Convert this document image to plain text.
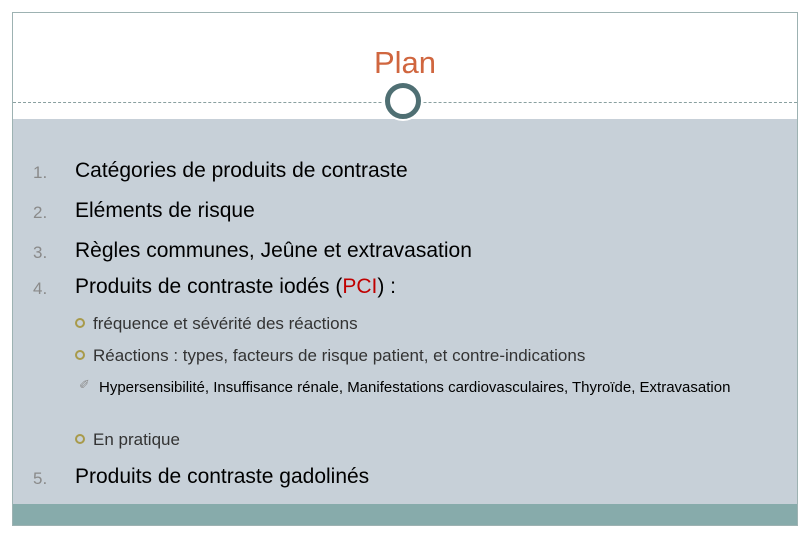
Plan
1. Catégories de produits de contraste
2. Eléments de risque
3. Règles communes, Jeûne et extravasation
4. Produits de contraste iodés (PCI) :
fréquence et sévérité des réactions
Réactions : types, facteurs de risque patient, et contre-indications
✐ Hypersensibilité, Insuffisance rénale, Manifestations cardiovasculaires, Thyroïde, Extravasation
En pratique
5. Produits de contraste gadolinés
